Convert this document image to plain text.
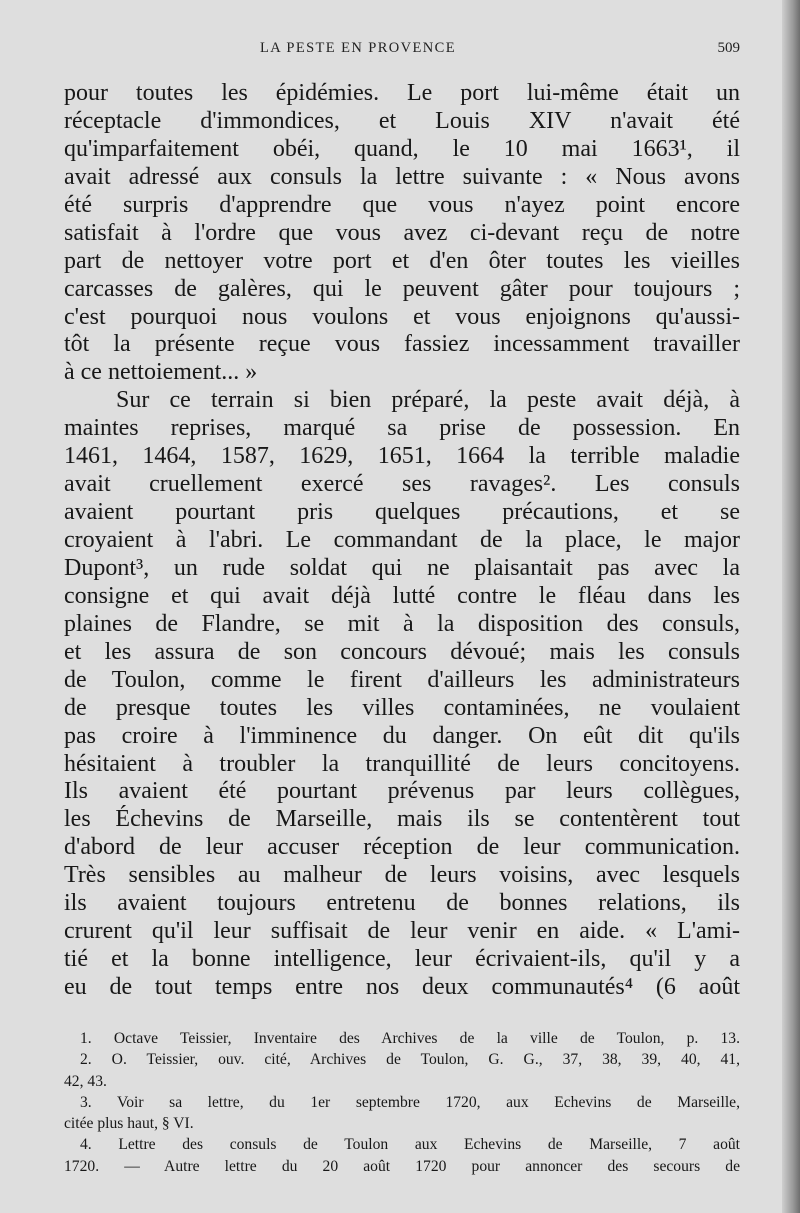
LA PESTE EN PROVENCE	509
pour toutes les épidémies. Le port lui-même était un
réceptacle d'immondices, et Louis XIV n'avait été
qu'imparfaitement obéi, quand, le 10 mai 1663¹, il
avait adressé aux consuls la lettre suivante : « Nous avons
été surpris d'apprendre que vous n'ayez point encore
satisfait à l'ordre que vous avez ci-devant reçu de notre
part de nettoyer votre port et d'en ôter toutes les vieilles
carcasses de galères, qui le peuvent gâter pour toujours ;
c'est pourquoi nous voulons et vous enjoignons qu'aussi-
tôt la présente reçue vous fassiez incessamment travailler
à ce nettoiement... »
Sur ce terrain si bien préparé, la peste avait déjà, à
maintes reprises, marqué sa prise de possession. En
1461, 1464, 1587, 1629, 1651, 1664 la terrible maladie
avait cruellement exercé ses ravages². Les consuls
avaient pourtant pris quelques précautions, et se
croyaient à l'abri. Le commandant de la place, le major
Dupont³, un rude soldat qui ne plaisantait pas avec la
consigne et qui avait déjà lutté contre le fléau dans les
plaines de Flandre, se mit à la disposition des consuls,
et les assura de son concours dévoué; mais les consuls
de Toulon, comme le firent d'ailleurs les administrateurs
de presque toutes les villes contaminées, ne voulaient
pas croire à l'imminence du danger. On eût dit qu'ils
hésitaient à troubler la tranquillité de leurs concitoyens.
Ils avaient été pourtant prévenus par leurs collègues,
les Échevins de Marseille, mais ils se contentèrent tout
d'abord de leur accuser réception de leur communication.
Très sensibles au malheur de leurs voisins, avec lesquels
ils avaient toujours entretenu de bonnes relations, ils
crurent qu'il leur suffisait de leur venir en aide. « L'ami-
tié et la bonne intelligence, leur écrivaient-ils, qu'il y a
eu de tout temps entre nos deux communautés⁴ (6 août
1. Octave Teissier, Inventaire des Archives de la ville de Toulon, p. 13.
2. O. Teissier, ouv. cité, Archives de Toulon, G. G., 37, 38, 39, 40, 41,
42, 43.
3. Voir sa lettre, du 1er septembre 1720, aux Echevins de Marseille,
citée plus haut, § VI.
4. Lettre des consuls de Toulon aux Echevins de Marseille, 7 août
1720. — Autre lettre du 20 août 1720 pour annoncer des secours de
